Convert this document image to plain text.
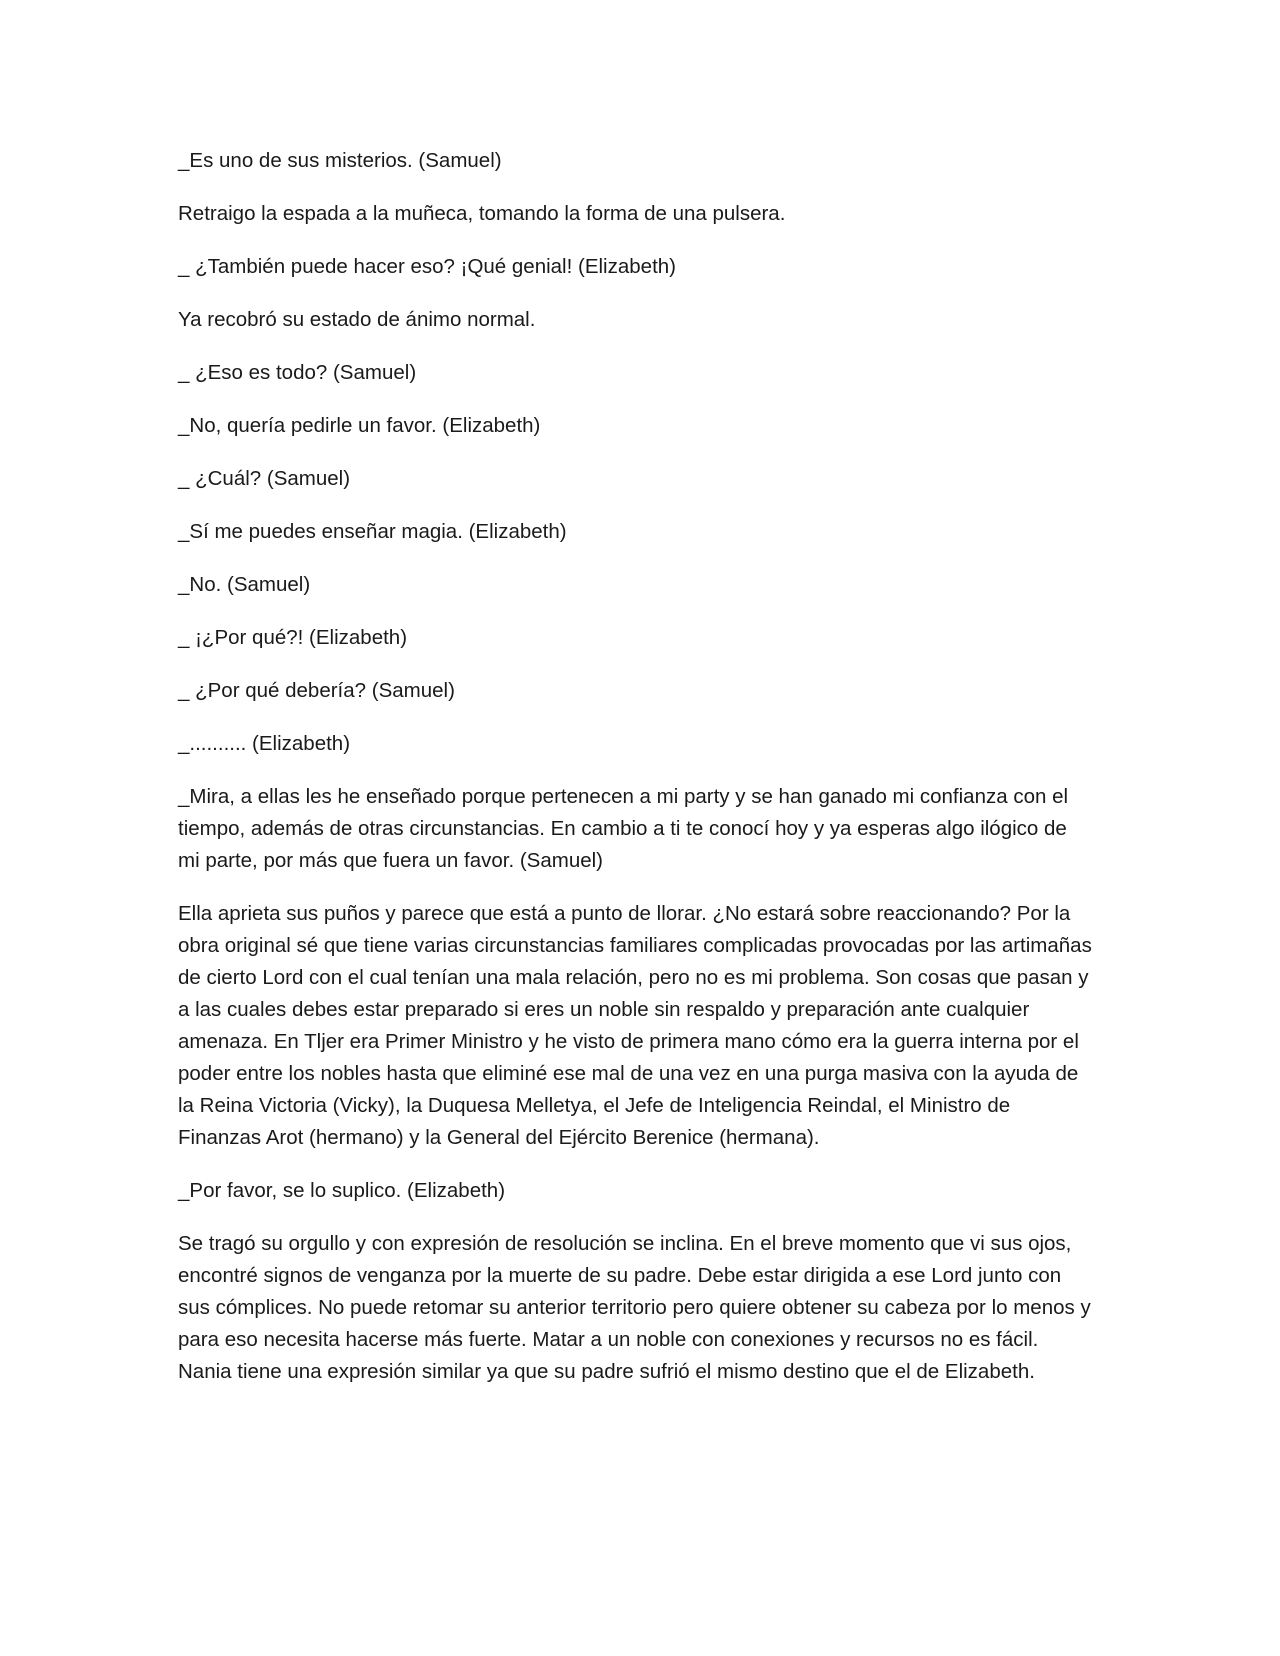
_Es uno de sus misterios. (Samuel)

Retraigo la espada a la muñeca, tomando la forma de una pulsera.

_ ¿También puede hacer eso? ¡Qué genial! (Elizabeth)

Ya recobró su estado de ánimo normal.

_ ¿Eso es todo? (Samuel)

_No, quería pedirle un favor. (Elizabeth)

_ ¿Cuál? (Samuel)

_Sí me puedes enseñar magia. (Elizabeth)

_No. (Samuel)

_ ¡¿Por qué?! (Elizabeth)

_ ¿Por qué debería? (Samuel)

_.......... (Elizabeth)

_Mira, a ellas les he enseñado porque pertenecen a mi party y se han ganado mi confianza con el tiempo, además de otras circunstancias. En cambio a ti te conocí hoy y ya esperas algo ilógico de mi parte, por más que fuera un favor. (Samuel)

Ella aprieta sus puños y parece que está a punto de llorar. ¿No estará sobre reaccionando? Por la obra original sé que tiene varias circunstancias familiares complicadas provocadas por las artimañas de cierto Lord con el cual tenían una mala relación, pero no es mi problema. Son cosas que pasan y a las cuales debes estar preparado si eres un noble sin respaldo y preparación ante cualquier amenaza. En Tljer era Primer Ministro y he visto de primera mano cómo era la guerra interna por el poder entre los nobles hasta que eliminé ese mal de una vez en una purga masiva con la ayuda de la Reina Victoria (Vicky), la Duquesa Melletya, el Jefe de Inteligencia Reindal, el Ministro de Finanzas Arot (hermano) y la General del Ejército Berenice (hermana).

_Por favor, se lo suplico. (Elizabeth)

Se tragó su orgullo y con expresión de resolución se inclina. En el breve momento que vi sus ojos, encontré signos de venganza por la muerte de su padre. Debe estar dirigida a ese Lord junto con sus cómplices. No puede retomar su anterior territorio pero quiere obtener su cabeza por lo menos y para eso necesita hacerse más fuerte. Matar a un noble con conexiones y recursos no es fácil. Nania tiene una expresión similar ya que su padre sufrió el mismo destino que el de Elizabeth.
